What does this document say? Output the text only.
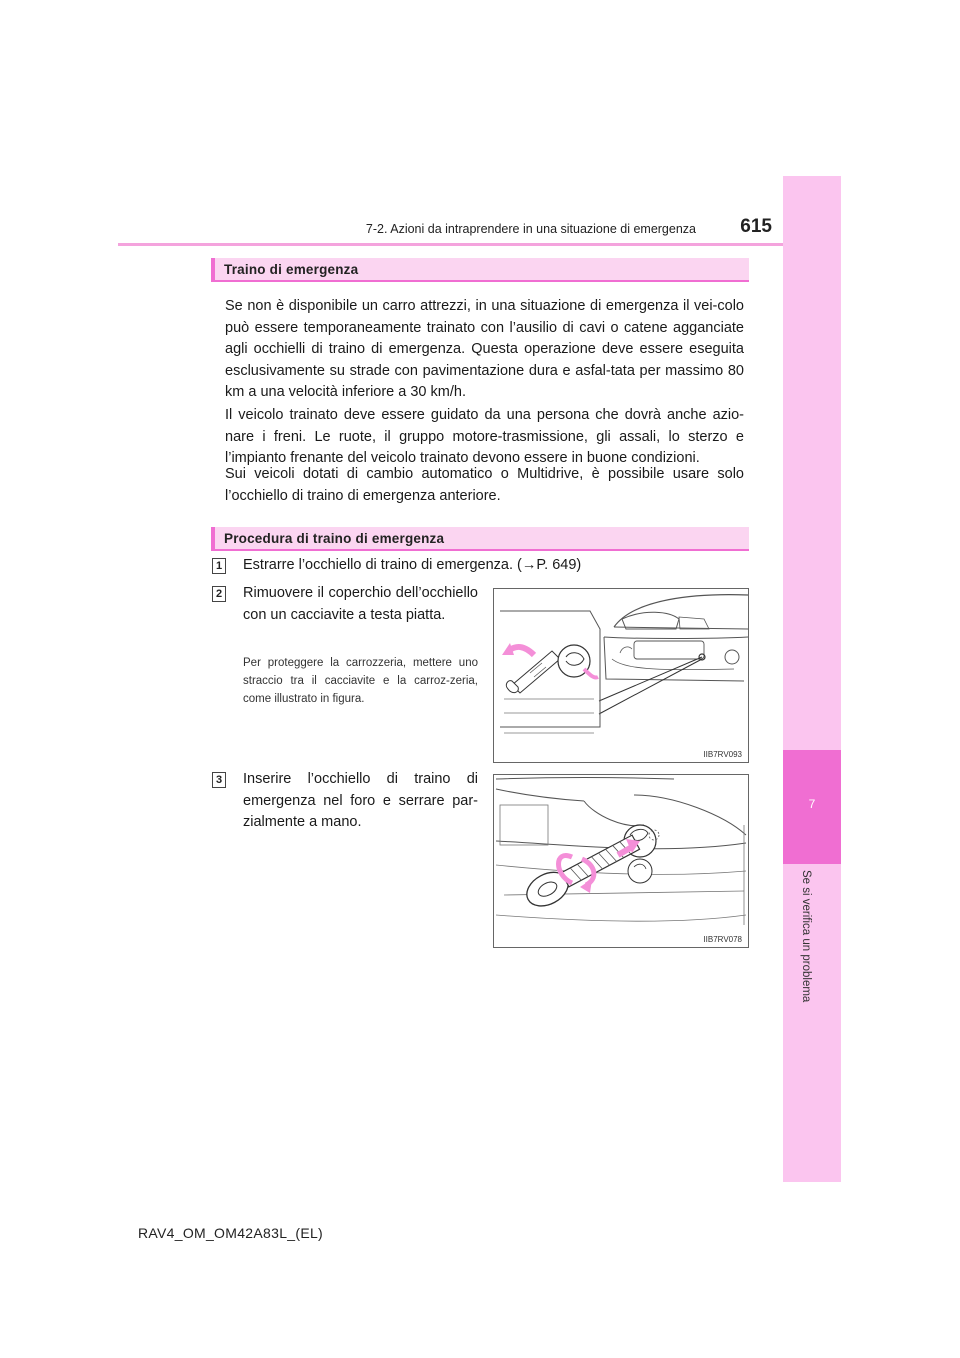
7-2. Azioni da intraprendere in una situazione di emergenza	615
7
Se si verifica un problema
Traino di emergenza
Se non è disponibile un carro attrezzi, in una situazione di emergenza il vei-colo può essere temporaneamente trainato con l’ausilio di cavi o catene agganciate agli occhielli di traino di emergenza. Questa operazione deve essere eseguita esclusivamente su strade con pavimentazione dura e asfal-tata per massimo 80 km a una velocità inferiore a 30 km/h.
Il veicolo trainato deve essere guidato da una persona che dovrà anche azio-nare i freni. Le ruote, il gruppo motore-trasmissione, gli assali, lo sterzo e l’impianto frenante del veicolo trainato devono essere in buone condizioni.
Sui veicoli dotati di cambio automatico o Multidrive, è possibile usare solo l’occhiello di traino di emergenza anteriore.
Procedura di traino di emergenza
1 Estrarre l’occhiello di traino di emergenza. (→P. 649)
2 Rimuovere il coperchio dell’occhiello con un cacciavite a testa piatta.
Per proteggere la carrozzeria, mettere uno straccio tra il cacciavite e la carroz-zeria, come illustrato in figura.
IIB7RV093
3 Inserire l’occhiello di traino di emergenza nel foro e serrare par-zialmente a mano.
IIB7RV078
RAV4_OM_OM42A83L_(EL)
